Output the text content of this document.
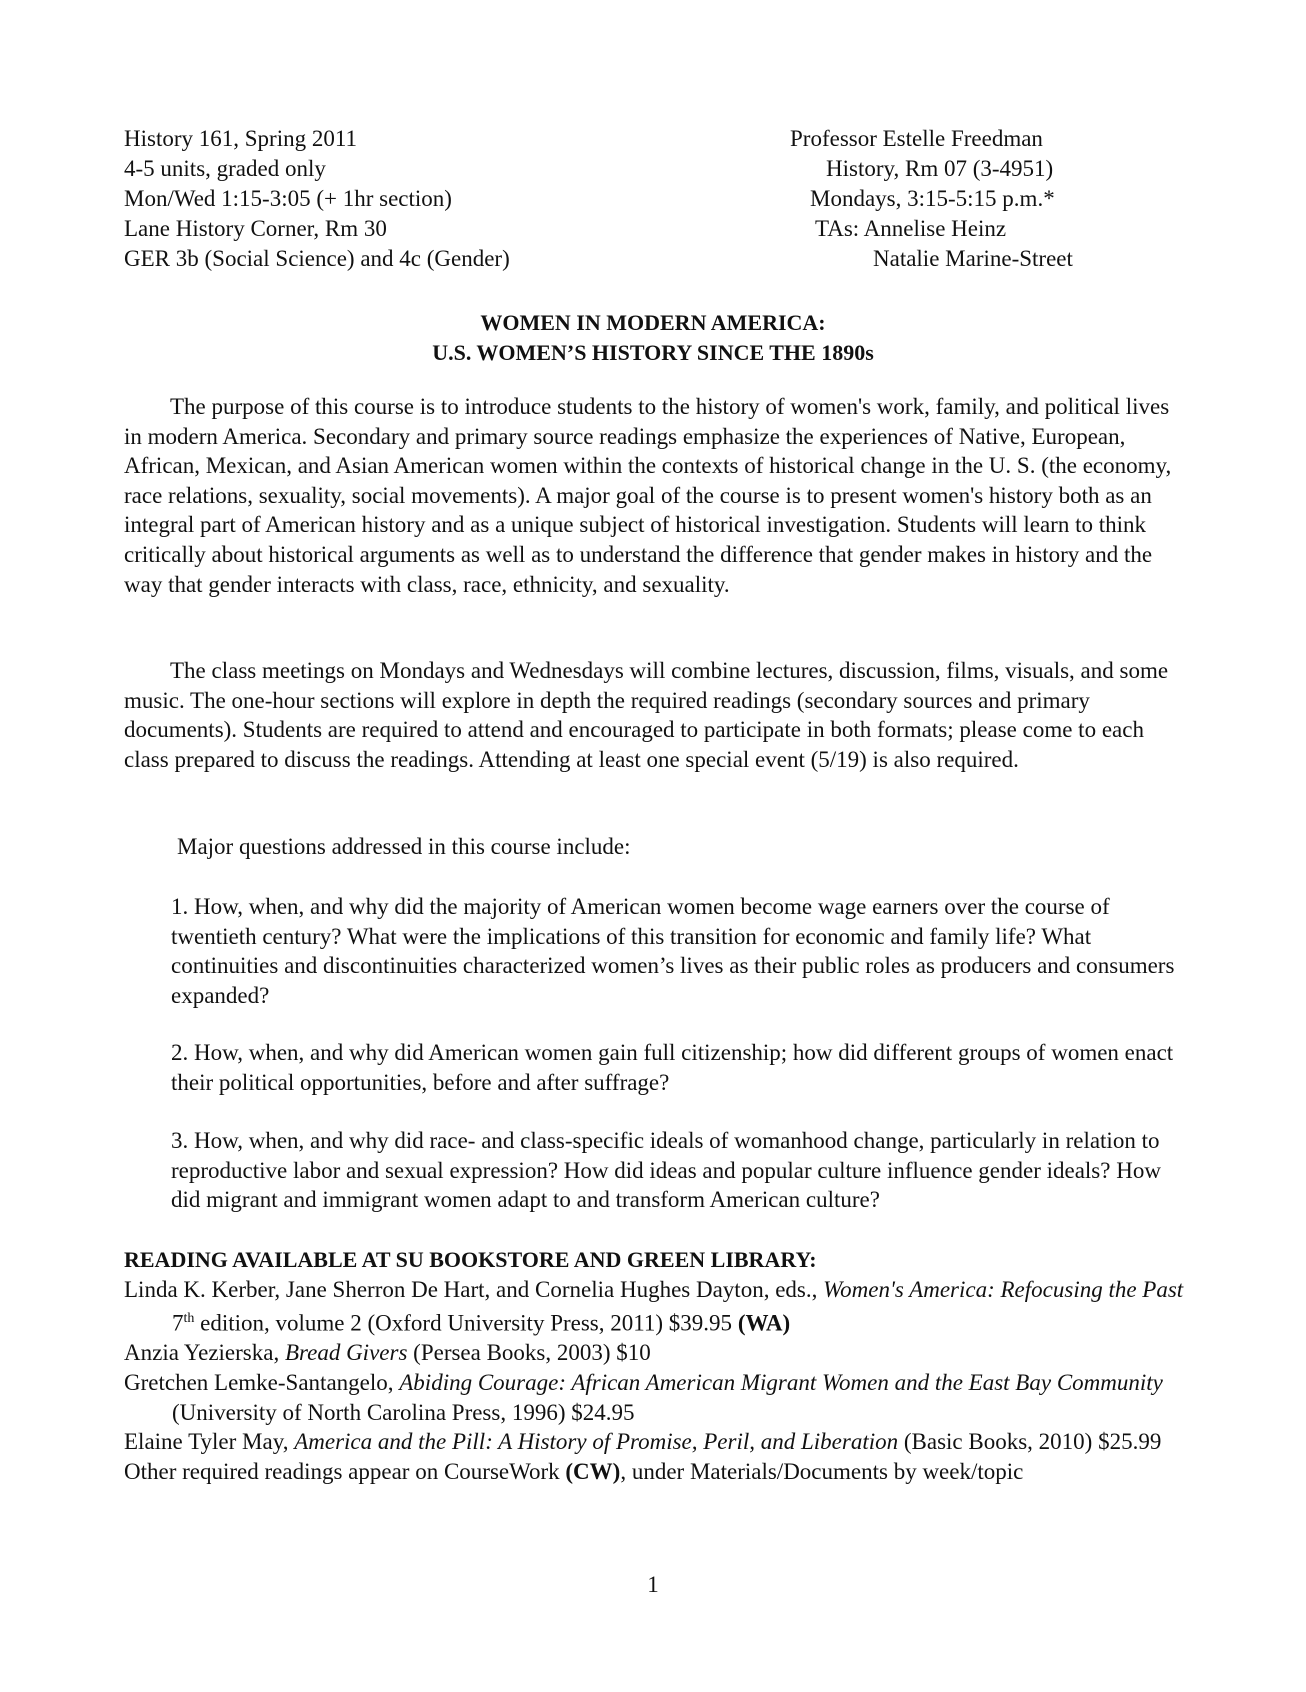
History 161, Spring 2011
4-5 units, graded only
Mon/Wed 1:15-3:05 (+ 1hr section)
Lane History Corner, Rm 30
GER 3b (Social Science) and 4c (Gender)
Professor Estelle Freedman
History, Rm 07 (3-4951)
Mondays, 3:15-5:15 p.m.*
TAs: Annelise Heinz
Natalie Marine-Street
WOMEN IN MODERN AMERICA:
U.S. WOMEN’S HISTORY SINCE THE 1890s

The purpose of this course is to introduce students to the history of women's work, family, and political lives in modern America. Secondary and primary source readings emphasize the experiences of Native, European, African, Mexican, and Asian American women within the contexts of historical change in the U. S. (the economy, race relations, sexuality, social movements). A major goal of the course is to present women's history both as an integral part of American history and as a unique subject of historical investigation. Students will learn to think critically about historical arguments as well as to understand the difference that gender makes in history and the way that gender interacts with class, race, ethnicity, and sexuality.

The class meetings on Mondays and Wednesdays will combine lectures, discussion, films, visuals, and some music. The one-hour sections will explore in depth the required readings (secondary sources and primary documents). Students are required to attend and encouraged to participate in both formats; please come to each class prepared to discuss the readings. Attending at least one special event (5/19) is also required.

Major questions addressed in this course include:

1. How, when, and why did the majority of American women become wage earners over the course of twentieth century? What were the implications of this transition for economic and family life? What continuities and discontinuities characterized women’s lives as their public roles as producers and consumers expanded?

2. How, when, and why did American women gain full citizenship; how did different groups of women enact their political opportunities, before and after suffrage?

3. How, when, and why did race- and class-specific ideals of womanhood change, particularly in relation to reproductive labor and sexual expression? How did ideas and popular culture influence gender ideals? How did migrant and immigrant women adapt to and transform American culture?

READING AVAILABLE AT SU BOOKSTORE AND GREEN LIBRARY:

Linda K. Kerber, Jane Sherron De Hart, and Cornelia Hughes Dayton, eds., Women's America: Refocusing the Past 7th edition, volume 2 (Oxford University Press, 2011) $39.95 (WA)

Anzia Yezierska, Bread Givers (Persea Books, 2003) $10

Gretchen Lemke-Santangelo, Abiding Courage: African American Migrant Women and the East Bay Community (University of North Carolina Press, 1996) $24.95

Elaine Tyler May, America and the Pill: A History of Promise, Peril, and Liberation (Basic Books, 2010) $25.99

Other required readings appear on CourseWork (CW), under Materials/Documents by week/topic

1
